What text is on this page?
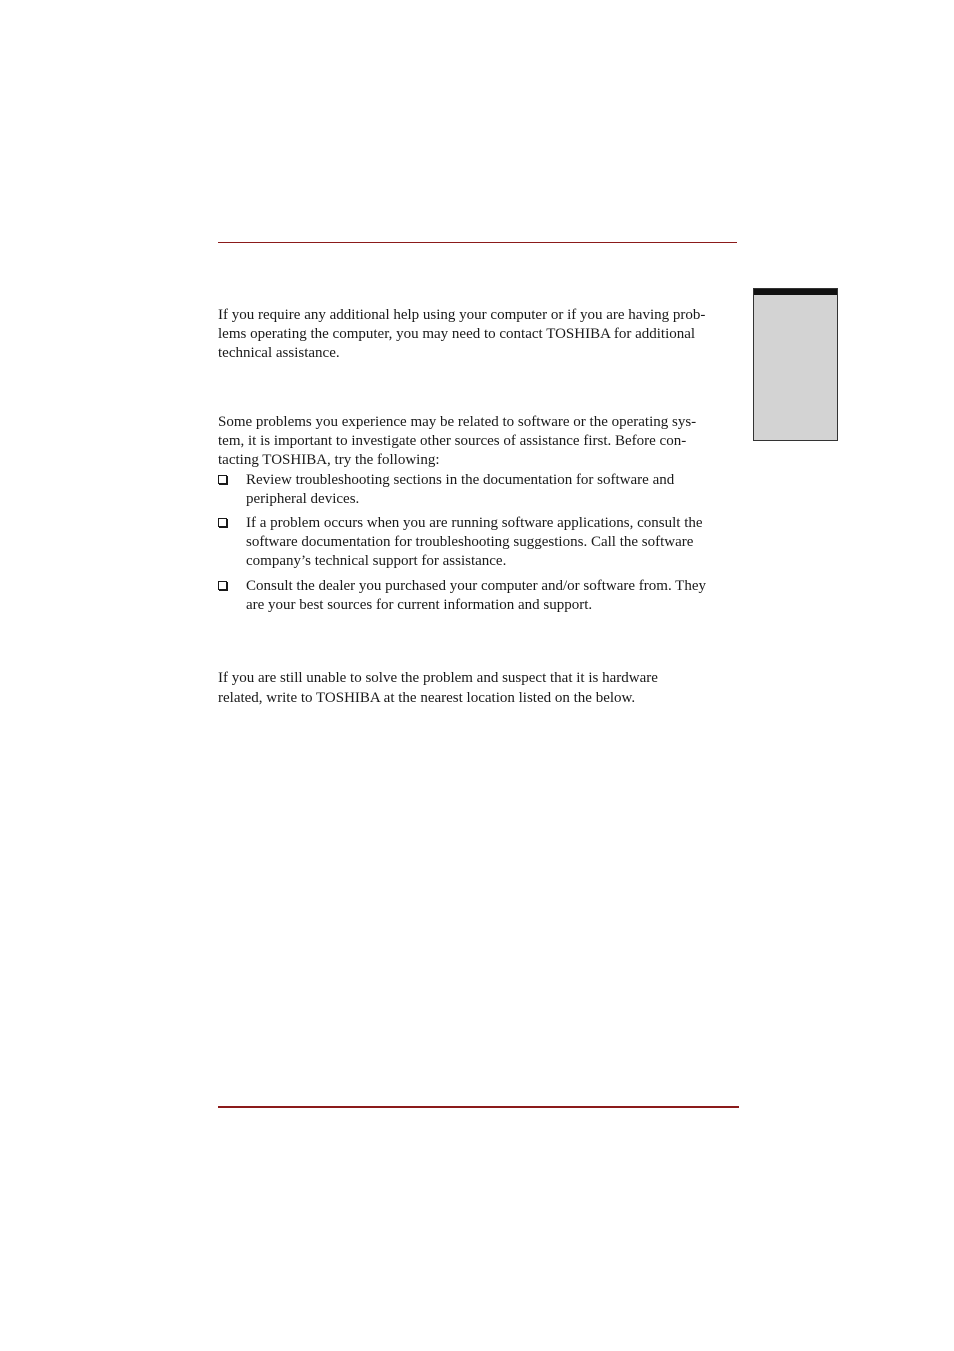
If you require any additional help using your computer or if you are having prob-
lems operating the computer, you may need to contact TOSHIBA for additional
technical assistance.

Some problems you experience may be related to software or the operating sys-
tem, it is important to investigate other sources of assistance first. Before con-
tacting TOSHIBA, try the following:

Review troubleshooting sections in the documentation for software and
peripheral devices.
If a problem occurs when you are running software applications, consult the
software documentation for troubleshooting suggestions. Call the software
company’s technical support for assistance.
Consult the dealer you purchased your computer and/or software from. They
are your best sources for current information and support.

If you are still unable to solve the problem and suspect that it is hardware
related, write to TOSHIBA at the nearest location listed on the below.
